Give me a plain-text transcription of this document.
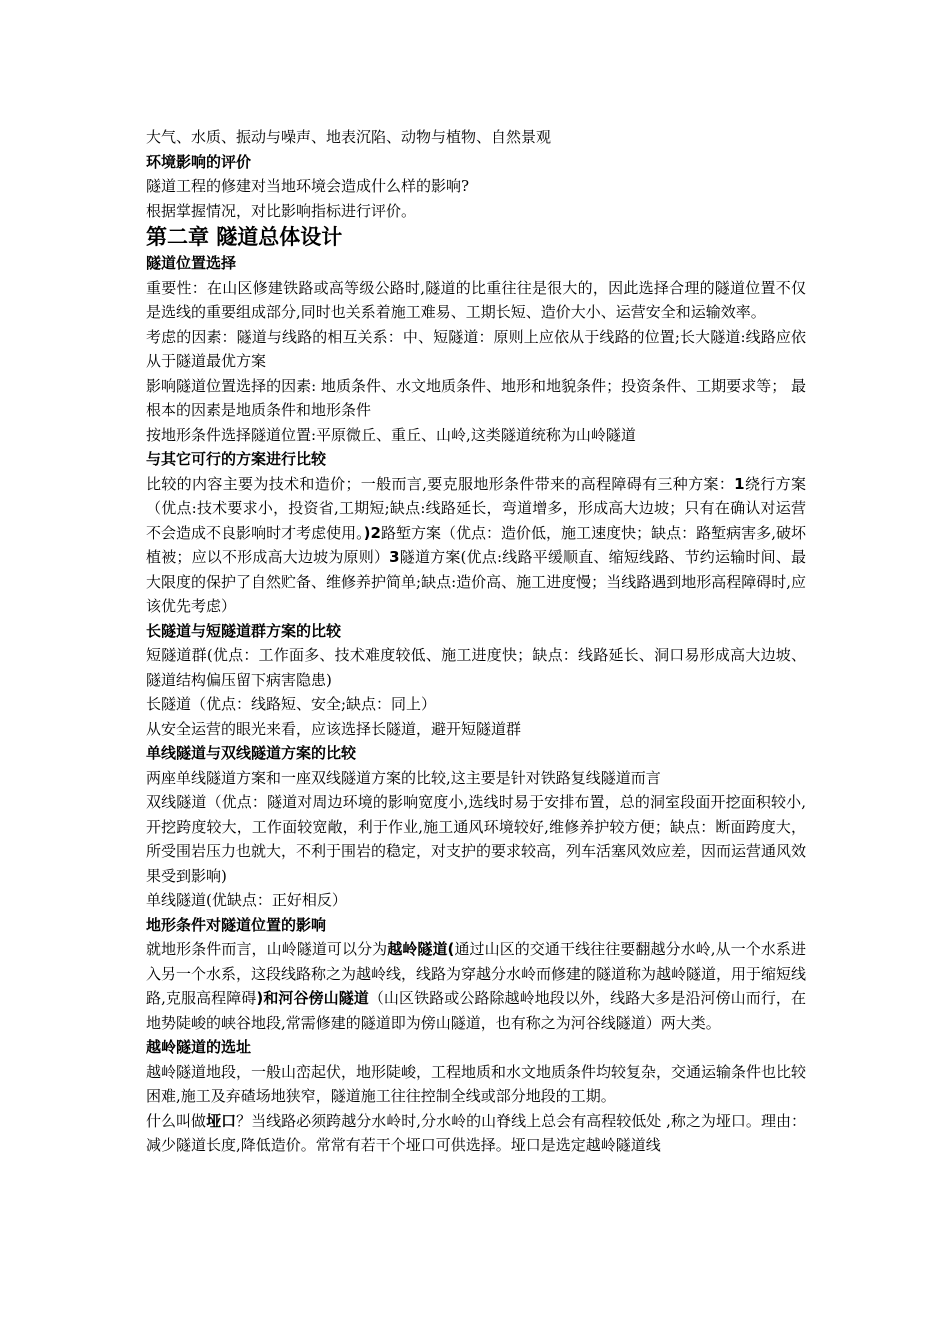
大气、水质、振动与噪声、地表沉陷、动物与植物、自然景观

环境影响的评价

隧道工程的修建对当地环境会造成什么样的影响?

根据掌握情况，对比影响指标进行评价。

第二章 隧道总体设计

隧道位置选择

重要性：在山区修建铁路或高等级公路时,隧道的比重往往是很大的，因此选择合理的隧道位置不仅是选线的重要组成部分,同时也关系着施工难易、工期长短、造价大小、运营安全和运输效率。

考虑的因素：隧道与线路的相互关系：中、短隧道：原则上应依从于线路的位置;长大隧道:线路应依从于隧道最优方案

影响隧道位置选择的因素: 地质条件、水文地质条件、地形和地貌条件；投资条件、工期要求等； 最根本的因素是地质条件和地形条件

按地形条件选择隧道位置:平原微丘、重丘、山岭,这类隧道统称为山岭隧道

与其它可行的方案进行比较

比较的内容主要为技术和造价；一般而言,要克服地形条件带来的高程障碍有三种方案：1绕行方案（优点:技术要求小，投资省,工期短;缺点:线路延长，弯道增多，形成高大边坡；只有在确认对运营不会造成不良影响时才考虑使用。)2路堑方案（优点：造价低，施工速度快；缺点：路堑病害多,破坏植被；应以不形成高大边坡为原则）3隧道方案(优点:线路平缓顺直、缩短线路、节约运输时间、最大限度的保护了自然贮备、维修养护简单;缺点:造价高、施工进度慢；当线路遇到地形高程障碍时,应该优先考虑）

长隧道与短隧道群方案的比较

短隧道群(优点：工作面多、技术难度较低、施工进度快；缺点：线路延长、洞口易形成高大边坡、隧道结构偏压留下病害隐患)

长隧道（优点：线路短、安全;缺点：同上）

从安全运营的眼光来看，应该选择长隧道，避开短隧道群

单线隧道与双线隧道方案的比较

两座单线隧道方案和一座双线隧道方案的比较,这主要是针对铁路复线隧道而言

双线隧道（优点：隧道对周边环境的影响宽度小,选线时易于安排布置，总的洞室段面开挖面积较小,开挖跨度较大，工作面较宽敞，利于作业,施工通风环境较好,维修养护较方便；缺点：断面跨度大，所受围岩压力也就大，不利于围岩的稳定，对支护的要求较高，列车活塞风效应差，因而运营通风效果受到影响)

单线隧道(优缺点：正好相反）

地形条件对隧道位置的影响

就地形条件而言，山岭隧道可以分为越岭隧道(通过山区的交通干线往往要翻越分水岭,从一个水系进入另一个水系，这段线路称之为越岭线，线路为穿越分水岭而修建的隧道称为越岭隧道，用于缩短线路,克服高程障碍)和河谷傍山隧道（山区铁路或公路除越岭地段以外，线路大多是沿河傍山而行，在地势陡峻的峡谷地段,常需修建的隧道即为傍山隧道，也有称之为河谷线隧道）两大类。

越岭隧道的选址

越岭隧道地段，一般山峦起伏，地形陡峻，工程地质和水文地质条件均较复杂，交通运输条件也比较困难,施工及弃碴场地狭窄，隧道施工往往控制全线或部分地段的工期。

什么叫做垭口？当线路必须跨越分水岭时,分水岭的山脊线上总会有高程较低处 ,称之为垭口。理由：减少隧道长度,降低造价。常常有若干个垭口可供选择。垭口是选定越岭隧道线
